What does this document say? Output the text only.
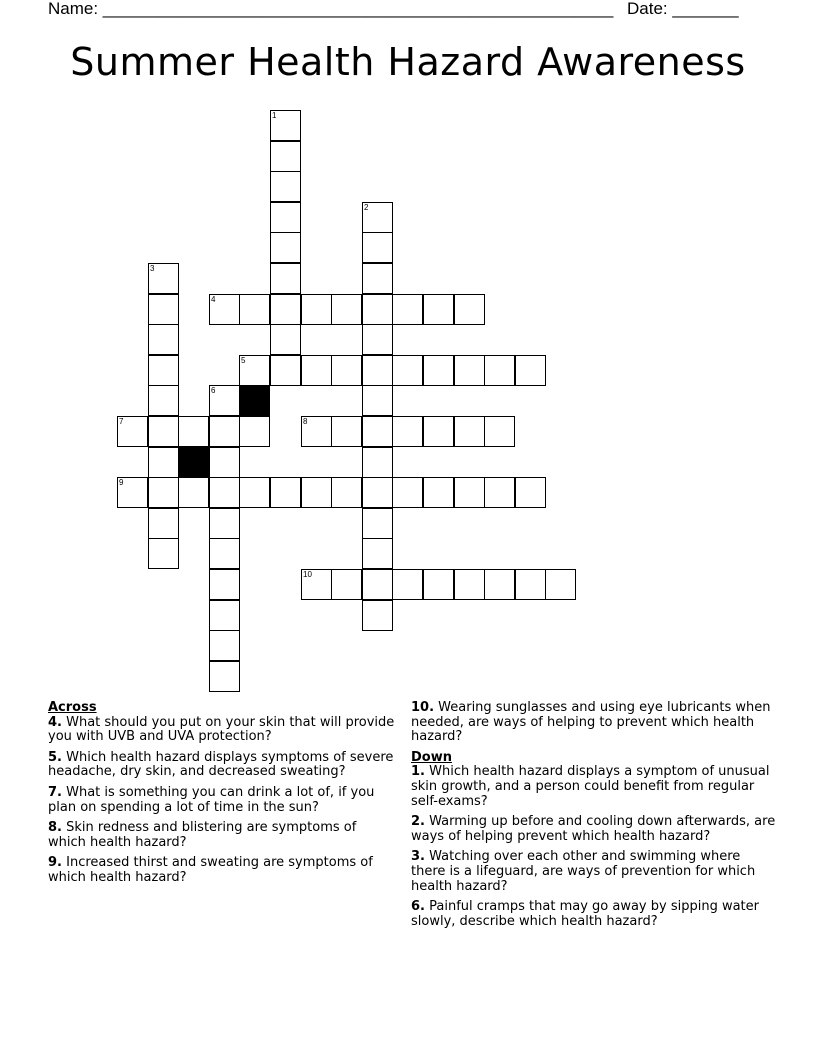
Name: ______________________________________________________

Date: _______

Summer Health Hazard Awareness
1
2
3
4
5
6
7	8
9
10
Across
4. What should you put on your skin that will provide you with UVB and UVA protection?
5. Which health hazard displays symptoms of severe headache, dry skin, and decreased sweating?
7. What is something you can drink a lot of, if you plan on spending a lot of time in the sun?
8. Skin redness and blistering are symptoms of which health hazard?
9. Increased thirst and sweating are symptoms of which health hazard?
10. Wearing sunglasses and using eye lubricants when needed, are ways of helping to prevent which health hazard?
Down
1. Which health hazard displays a symptom of unusual skin growth, and a person could benefit from regular self-exams?
2. Warming up before and cooling down afterwards, are ways of helping prevent which health hazard?
3. Watching over each other and swimming where there is a lifeguard, are ways of prevention for which health hazard?
6. Painful cramps that may go away by sipping water slowly, describe which health hazard?
